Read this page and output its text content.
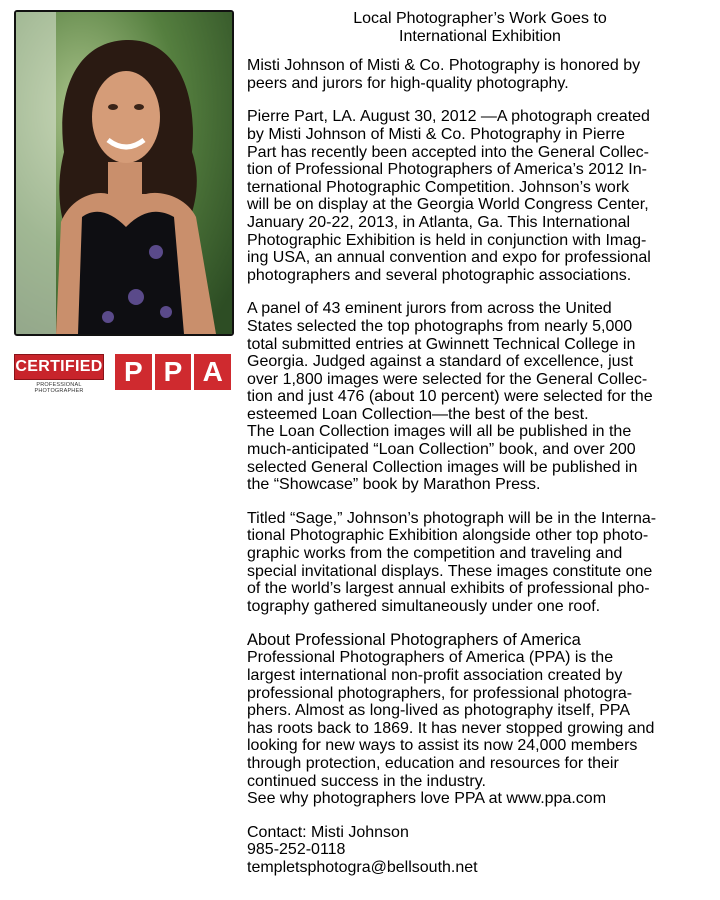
CERTIFIED
PROFESSIONAL PHOTOGRAPHER
P P A
Local Photographer’s Work Goes to
International Exhibition

Misti Johnson of Misti & Co. Photography is honored by
peers and jurors for high-quality photography.

Pierre Part, LA. August 30, 2012 —A photograph created
by Misti Johnson of Misti & Co. Photography in Pierre
Part has recently been accepted into the General Collec-
tion of Professional Photographers of America’s 2012 In-
ternational Photographic Competition. Johnson’s work
will be on display at the Georgia World Congress Center,
January 20-22, 2013, in Atlanta, Ga. This International
Photographic Exhibition is held in conjunction with Imag-
ing USA, an annual convention and expo for professional
photographers and several photographic associations.

A panel of 43 eminent jurors from across the United
States selected the top photographs from nearly 5,000
total submitted entries at Gwinnett Technical College in
Georgia. Judged against a standard of excellence, just
over 1,800 images were selected for the General Collec-
tion and just 476 (about 10 percent) were selected for the
esteemed Loan Collection—the best of the best.
The Loan Collection images will all be published in the
much-anticipated “Loan Collection” book, and over 200
selected General Collection images will be published in
the “Showcase” book by Marathon Press.

Titled “Sage,” Johnson’s photograph will be in the Interna-
tional Photographic Exhibition alongside other top photo-
graphic works from the competition and traveling and
special invitational displays. These images constitute one
of the world’s largest annual exhibits of professional pho-
tography gathered simultaneously under one roof.

About Professional Photographers of America

Professional Photographers of America (PPA) is the
largest international non-profit association created by
professional photographers, for professional photogra-
phers. Almost as long-lived as photography itself, PPA
has roots back to 1869. It has never stopped growing and
looking for new ways to assist its now 24,000 members
through protection, education and resources for their
continued success in the industry.
See why photographers love PPA at www.ppa.com

Contact: Misti Johnson
985-252-0118
templetsphotogra@bellsouth.net
